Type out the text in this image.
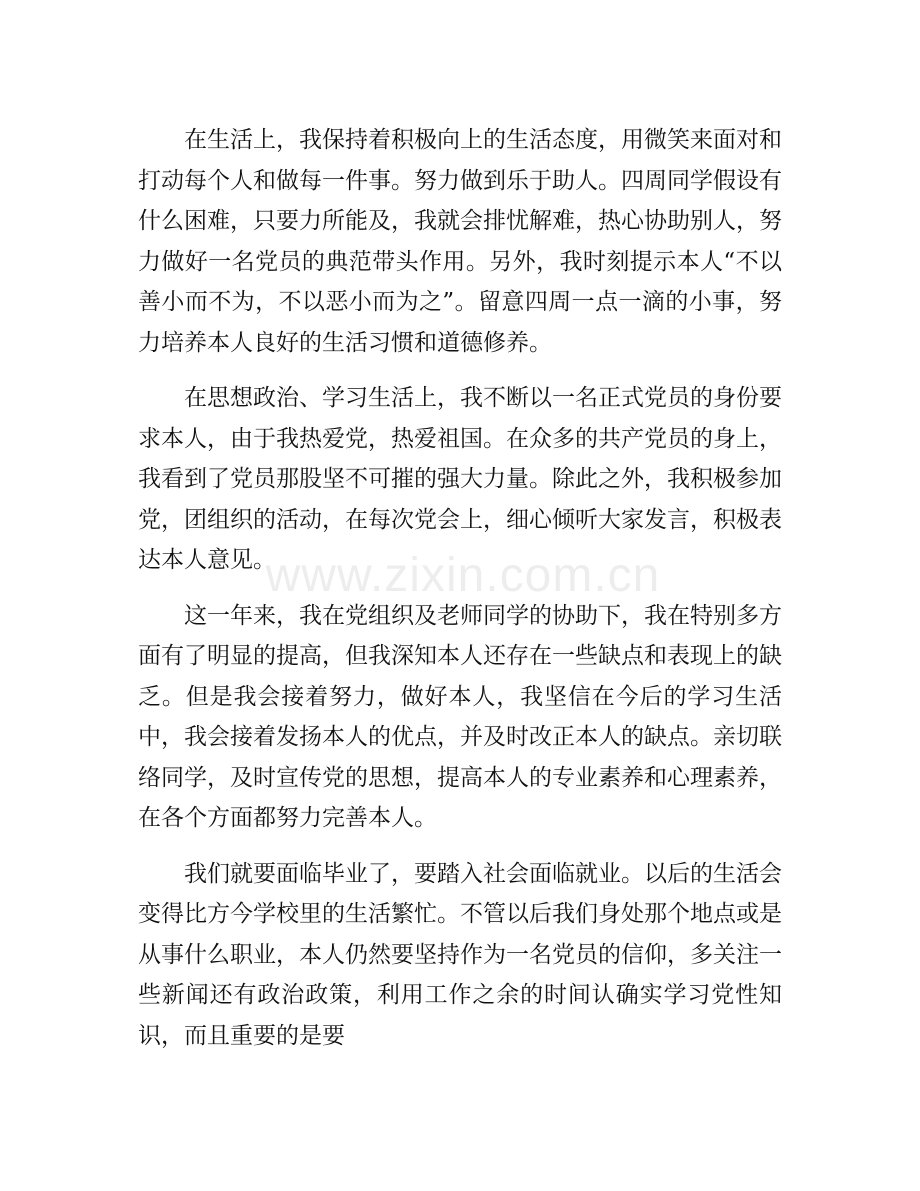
www.zixin.com.cn

在生活上，我保持着积极向上的生活态度，用微笑来面对和打动每个人和做每一件事。努力做到乐于助人。四周同学假设有什么困难，只要力所能及，我就会排忧解难，热心协助别人，努力做好一名党员的典范带头作用。另外，我时刻提示本人“不以善小而不为，不以恶小而为之”。留意四周一点一滴的小事，努力培养本人良好的生活习惯和道德修养。

在思想政治、学习生活上，我不断以一名正式党员的身份要求本人，由于我热爱党，热爱祖国。在众多的共产党员的身上，我看到了党员那股坚不可摧的强大力量。除此之外，我积极参加党，团组织的活动，在每次党会上，细心倾听大家发言，积极表达本人意见。

这一年来，我在党组织及老师同学的协助下，我在特别多方面有了明显的提高，但我深知本人还存在一些缺点和表现上的缺乏。但是我会接着努力，做好本人，我坚信在今后的学习生活中，我会接着发扬本人的优点，并及时改正本人的缺点。亲切联络同学，及时宣传党的思想，提高本人的专业素养和心理素养，在各个方面都努力完善本人。

我们就要面临毕业了，要踏入社会面临就业。以后的生活会变得比方今学校里的生活繁忙。不管以后我们身处那个地点或是从事什么职业，本人仍然要坚持作为一名党员的信仰，多关注一些新闻还有政治政策，利用工作之余的时间认确实学习党性知识，而且重要的是要
